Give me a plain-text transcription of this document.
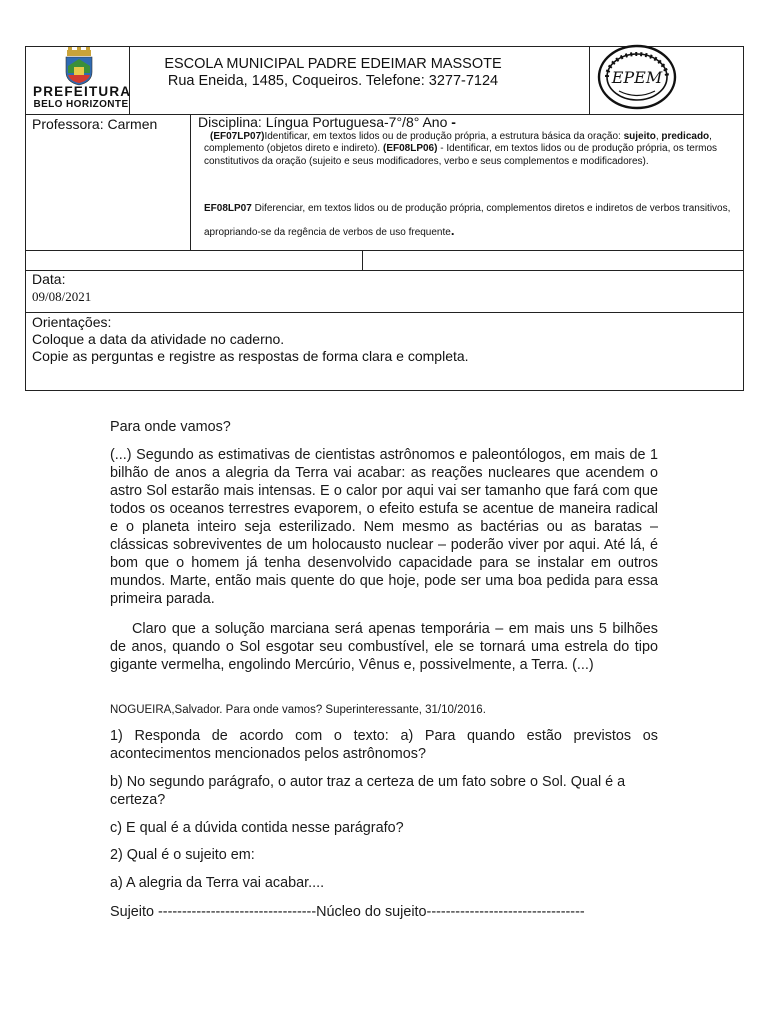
PREFEITURA
BELO HORIZONTE
ESCOLA MUNICIPAL PADRE EDEIMAR MASSOTE
Rua Eneida, 1485, Coqueiros. Telefone: 3277-7124	EPEM
Professora: Carmen	Disciplina: Língua Portuguesa-7°/8° Ano -
(EF07LP07)Identificar, em textos lidos ou de produção própria, a estrutura básica da oração: sujeito, predicado, complemento (objetos direto e indireto). (EF08LP06) - Identificar, em textos lidos ou de produção própria, os termos constitutivos da oração (sujeito e seus modificadores, verbo e seus complementos e modificadores).
EF08LP07 Diferenciar, em textos lidos ou de produção própria, complementos diretos e indiretos de verbos transitivos, apropriando-se da regência de verbos de uso frequente.
Data:
09/08/2021
Orientações:
Coloque a data da atividade no caderno.
Copie as perguntas e registre as respostas de forma clara e completa.
Para onde vamos?
(...) Segundo as estimativas de cientistas astrônomos e paleontólogos, em mais de 1 bilhão de anos a alegria da Terra vai acabar: as reações nucleares que acendem o astro Sol estarão mais intensas. E o calor por aqui vai ser tamanho que fará com que todos os oceanos terrestres evaporem, o efeito estufa se acentue de maneira radical e o planeta inteiro seja esterilizado. Nem mesmo as bactérias ou as baratas – clássicas sobreviventes de um holocausto nuclear – poderão viver por aqui. Até lá, é bom que o homem já tenha desenvolvido capacidade para se instalar em outros mundos. Marte, então mais quente do que hoje, pode ser uma boa pedida para essa primeira parada.
Claro que a solução marciana será apenas temporária – em mais uns 5 bilhões de anos, quando o Sol esgotar seu combustível, ele se tornará uma estrela do tipo gigante vermelha, engolindo Mercúrio, Vênus e, possivelmente, a Terra. (...)
NOGUEIRA,Salvador. Para onde vamos? Superinteressante, 31/10/2016.
1) Responda de acordo com o texto: a) Para quando estão previstos os acontecimentos mencionados pelos astrônomos?
b) No segundo parágrafo, o autor traz a certeza de um fato sobre o Sol. Qual é a certeza?
c) E qual é a dúvida contida nesse parágrafo?
2) Qual é o sujeito em:
a) A alegria da Terra vai acabar....
Sujeito ---------------------------------Núcleo do sujeito---------------------------------
